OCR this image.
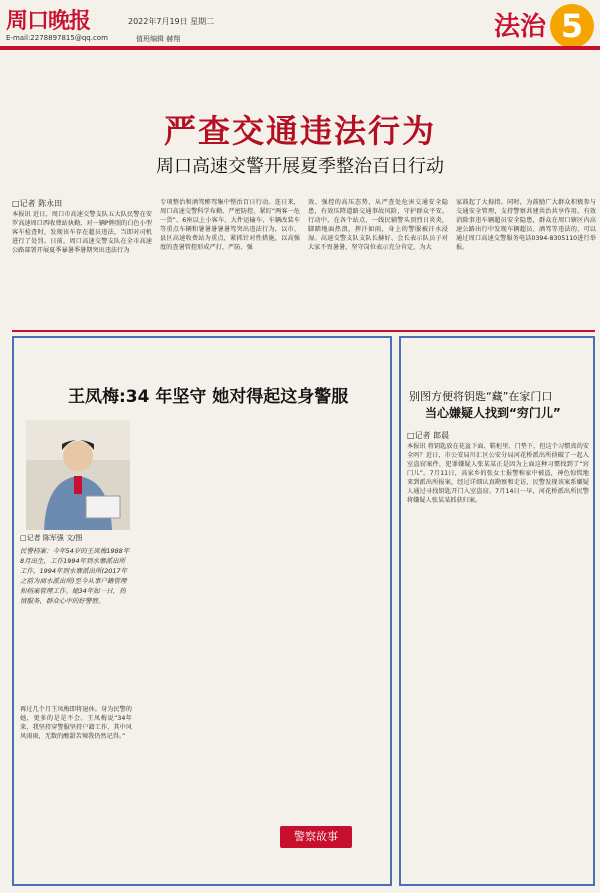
周口晚报	2022年7月19日 星期二
E-mail:2278897815@qq.com	值班编辑 赫翔	法治 5
严查交通违法行为
周口高速交警开展夏季整治百日行动
□记者 陈永田
本报讯 近日，周口市高速交警支队五大队民警在安罗高速周口西收费站执勤，对一辆P牌照的白色小型客车检查时，发现该车存在超员违法，当即对司机进行了处罚。日前，周口高速交警支队在全市高速公路部署开展夏季暴暑季暑期突出违法行为
专项整治和酒驾醉驾集中整治百日行动。连日来，周口高速交警科学布勤、严密防控，紧盯“两客一危一货”、6座以上小客车、大件运输车、车辆改装车等重点车辆和暑暑暑暑暑驾突出违法行为，以市、县区高速收费站为重点，紧抓针对性措施，以高强度的查暑管控形成严打、严防、强
效、强控的高压态势，从严查处危害交通安全隐患，有效压降道路交通事故风险，守护群众平安。行动中，在各个站点，一线民辅警头顶烈日炎炎，脚踏地面热浪，挥汗如雨，身上的警服被汗水浸湿。高速交警支队支队长赫好、会长表示队员子对大家不畏暑暑，坚守岗位表示充分肯定，为大
家鼓起了大拇指。同时，为鼓励广大群众积极参与交通安全管理，支持警察共建共治共享作用，有效消除事违车辆超员安全隐患，群众在周口辖区内高速公路出行中发现车辆超员、酒驾等违法的，可以通过周口高速交警服务电话0394-8305110进行举报。
王凤梅:34 年坚守 她对得起这身警服
□记者 陈军强 文/图
民警档案：今年54岁的王凤梅1988年8月出生，工作1994年到水寨派出所工作，1994年到水寨派出所(2017年之前为商水派出所)至今从事户籍管理和档案管理工作。她34年如一日，热情服务，群众心中的好警察。
再过几个月王凤梅即将退休。身为民警的她，更多的是是不会。王凤梅说“34年来，我坚持穿警服坚持户籍工作，其中风风雨雨，无数的酸甜苦辣我仍然记得。”
警察故事
别图方便将钥匙“藏”在家门口
当心嫌疑人找到“穷门儿”
□记者 郎晨
本报讯 将钥匙放在花盆下面、鞋柜里、门垫下，但这个习惯真的安全吗？近日，市公安局川汇区公安分局河花桥派出所侦破了一起入室盗窃案件，犯罪嫌疑人张某某正是因为上面这种习惯找到了“窍门儿”。7月11日，高家乡的张女士报警称家中被盗，神色惊慌地来到派出所报案，经过详细认真勘察和走访，民警发现该案系嫌疑人通过寻找钥匙开门入室盗窃。7月14日一早，河花桥派出所民警将嫌疑人张某某抓获归案。
